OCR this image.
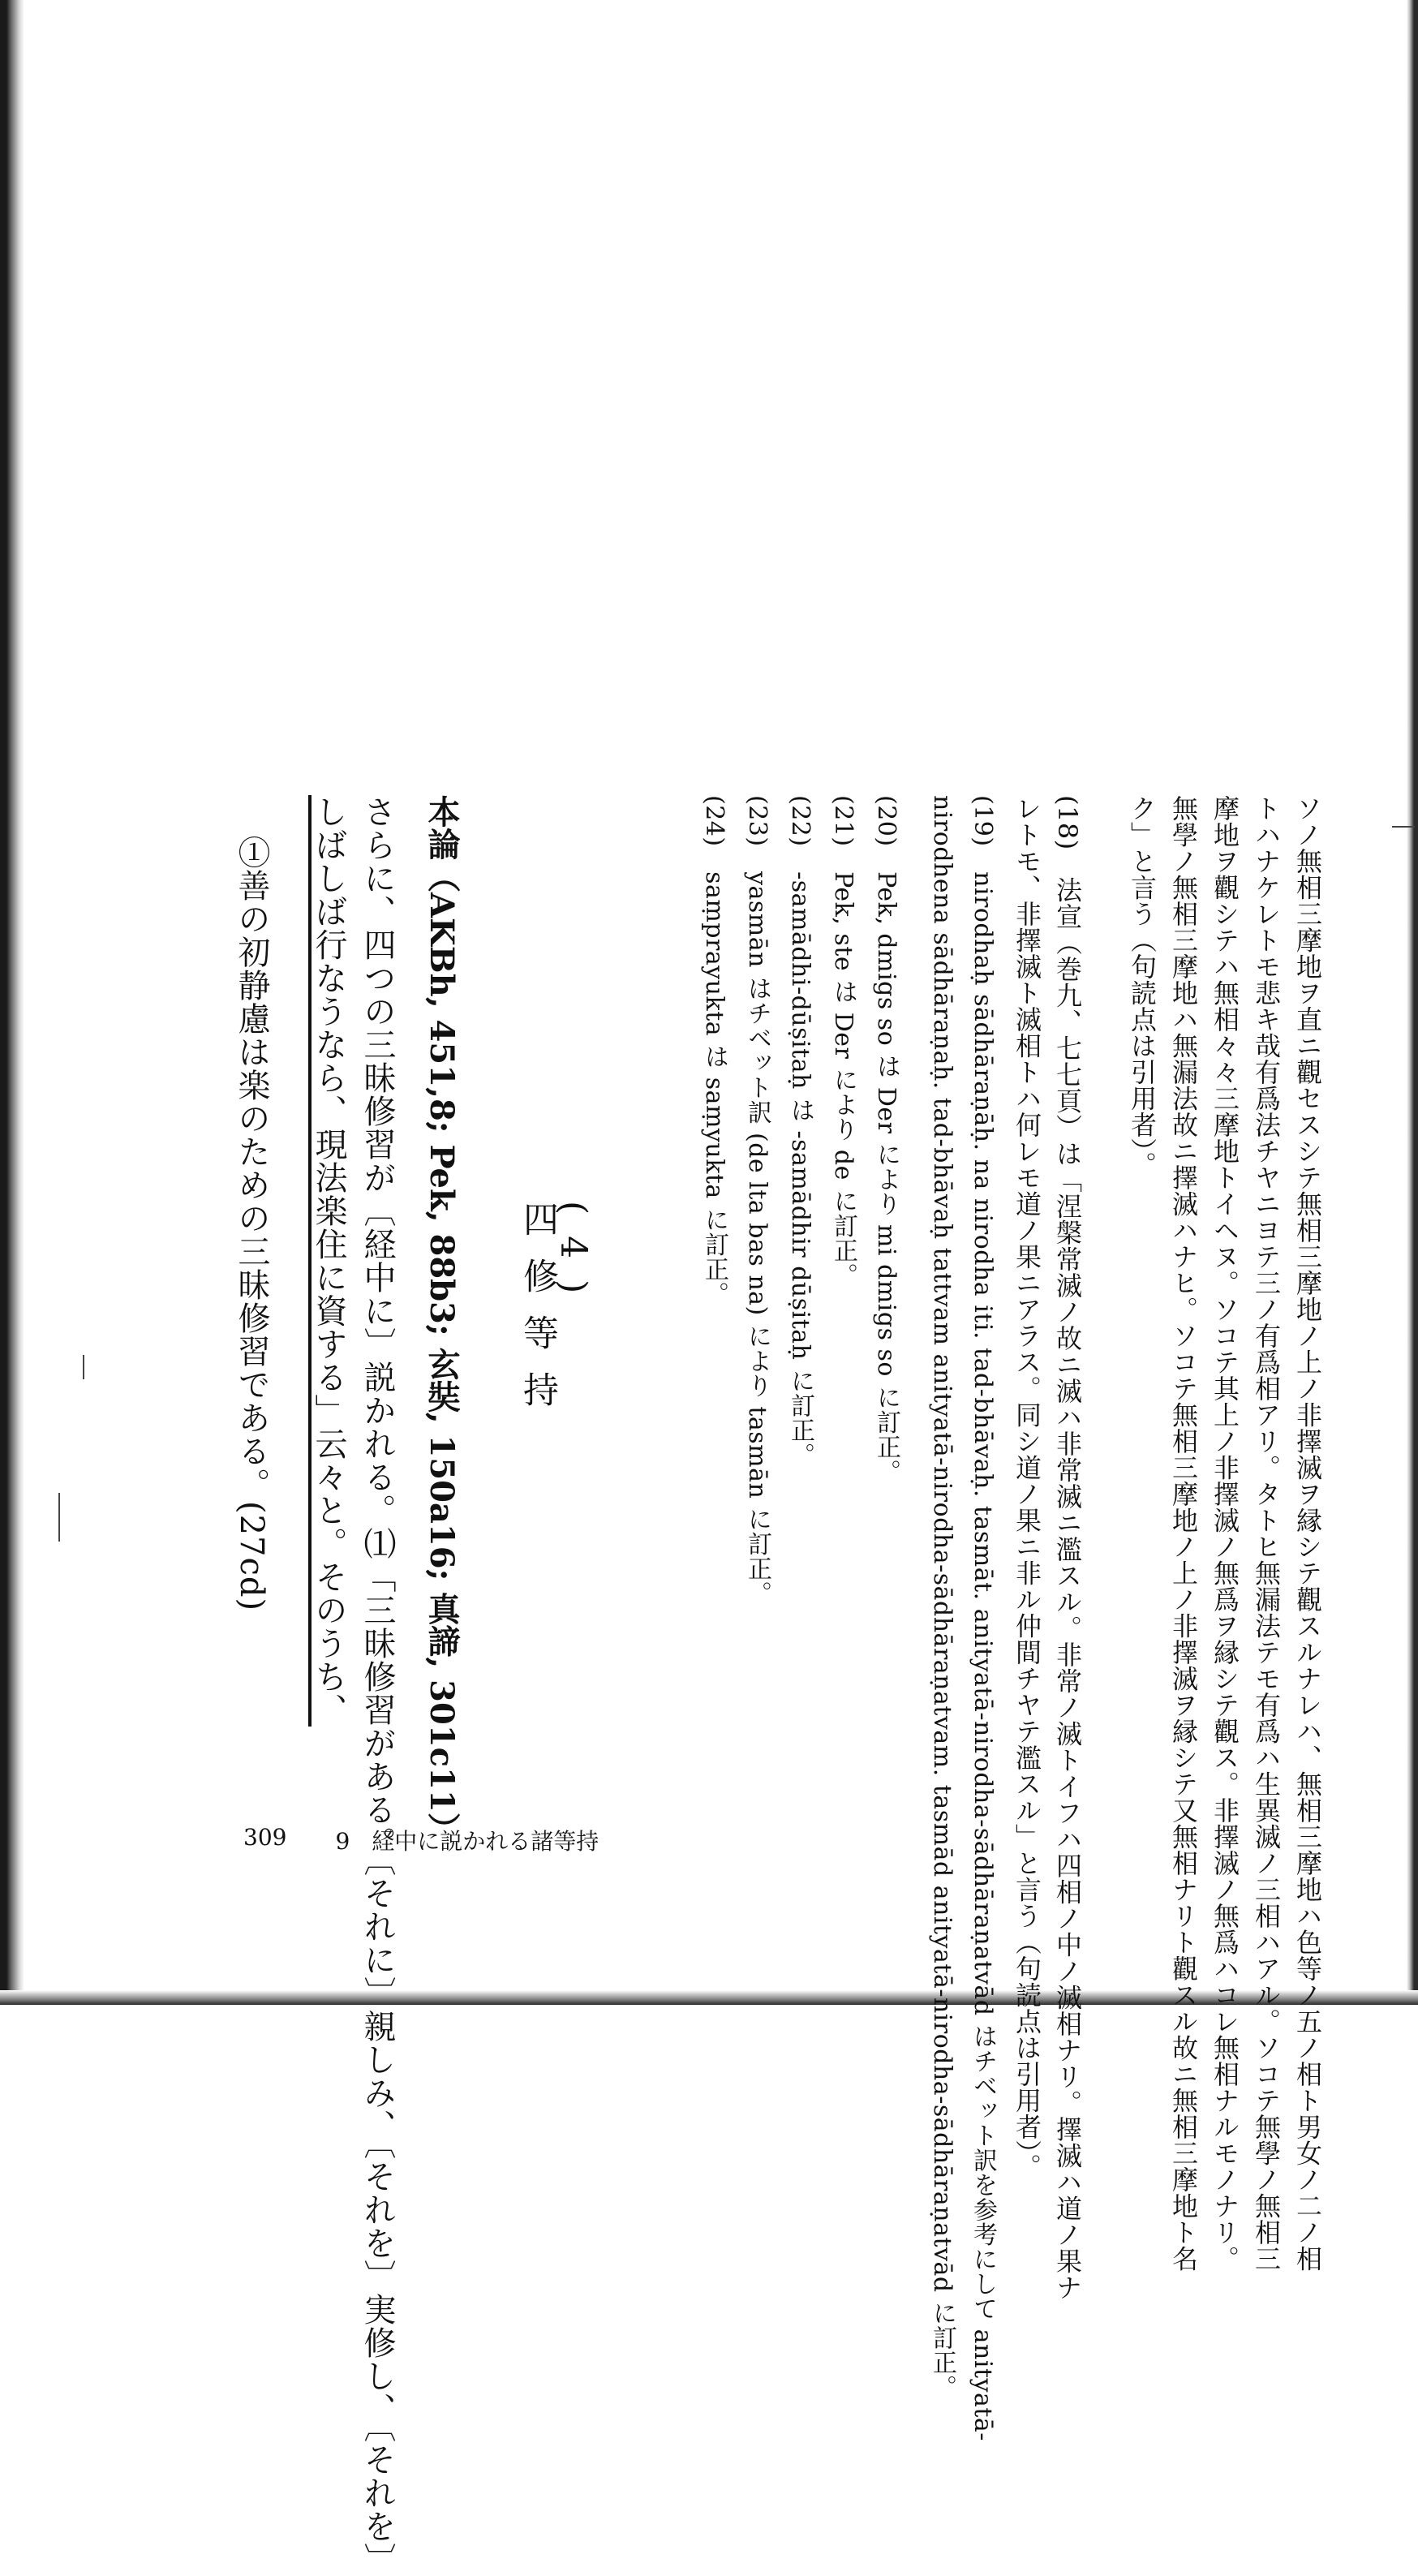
ソノ無相三摩地ヲ直ニ觀セスシテ無相三摩地ノ上ノ非擇滅ヲ縁シテ觀スルナレハ、無相三摩地ハ色等ノ五ノ相ト男女ノ二ノ相
トハナケレトモ悲キ哉有爲法チヤニヨテ三ノ有爲相アリ。タトヒ無漏法テモ有爲ハ生異滅ノ三相ハアル。ソコテ無學ノ無相三
摩地ヲ觀シテハ無相々々三摩地トイヘヌ。ソコテ其上ノ非擇滅ノ無爲ヲ縁シテ觀ス。非擇滅ノ無爲ハコレ無相ナルモノナリ。
無學ノ無相三摩地ハ無漏法故ニ擇滅ハナヒ。ソコテ無相三摩地ノ上ノ非擇滅ヲ縁シテ又無相ナリト觀スル故ニ無相三摩地ト名
ク」と言う（句読点は引用者）。
(18)　法宣（巻九、七七頁）は「涅槃常滅ノ故ニ滅ハ非常滅ニ濫スル。非常ノ滅トイフハ四相ノ中ノ滅相ナリ。擇滅ハ道ノ果ナ
レトモ、非擇滅ト滅相トハ何レモ道ノ果ニアラス。同シ道ノ果ニ非ル仲間チヤテ濫スル」と言う（句読点は引用者）。
(19)　nirodhaḥ sādhāraṇāḥ. na nirodha iti. tad-bhāvaḥ. tasmāt. anityatā-nirodha-sādhāraṇatvād はチベット訳を参考にして anityatā-
nirodhena sādhāraṇaḥ. tad-bhāvaḥ tattvam anityatā-nirodha-sādhāraṇatvam. tasmād anityatā-nirodha-sādhāraṇatvād に訂正。
(20)　Pek, dmigs so は Der により mi dmigs so に訂正。
(21)　Pek, ste は Der により de に訂正。
(22)　-samādhi-dūṣitaḥ は -samādhir dūṣitaḥ に訂正。
(23)　yasmān はチベット訳 (de lta bas na) により tasmān に訂正。
(24)　saṃprayukta は saṃyukta に訂正。

(4)
四修等持

本論（AKBh, 451,8; Pek, 88b3; 玄奘, 150a16; 真諦, 301c11）
さらに、四つの三昧修習が〔経中に〕説かれる。⑴「三昧修習がある。〔それに〕親しみ、〔それを〕実修し、〔それを〕
しばしば行なうなら、現法楽住に資する」云々と。そのうち、
①善の初静慮は楽のための三昧修習である。(27cd)
309 9 経中に説かれる諸等持
